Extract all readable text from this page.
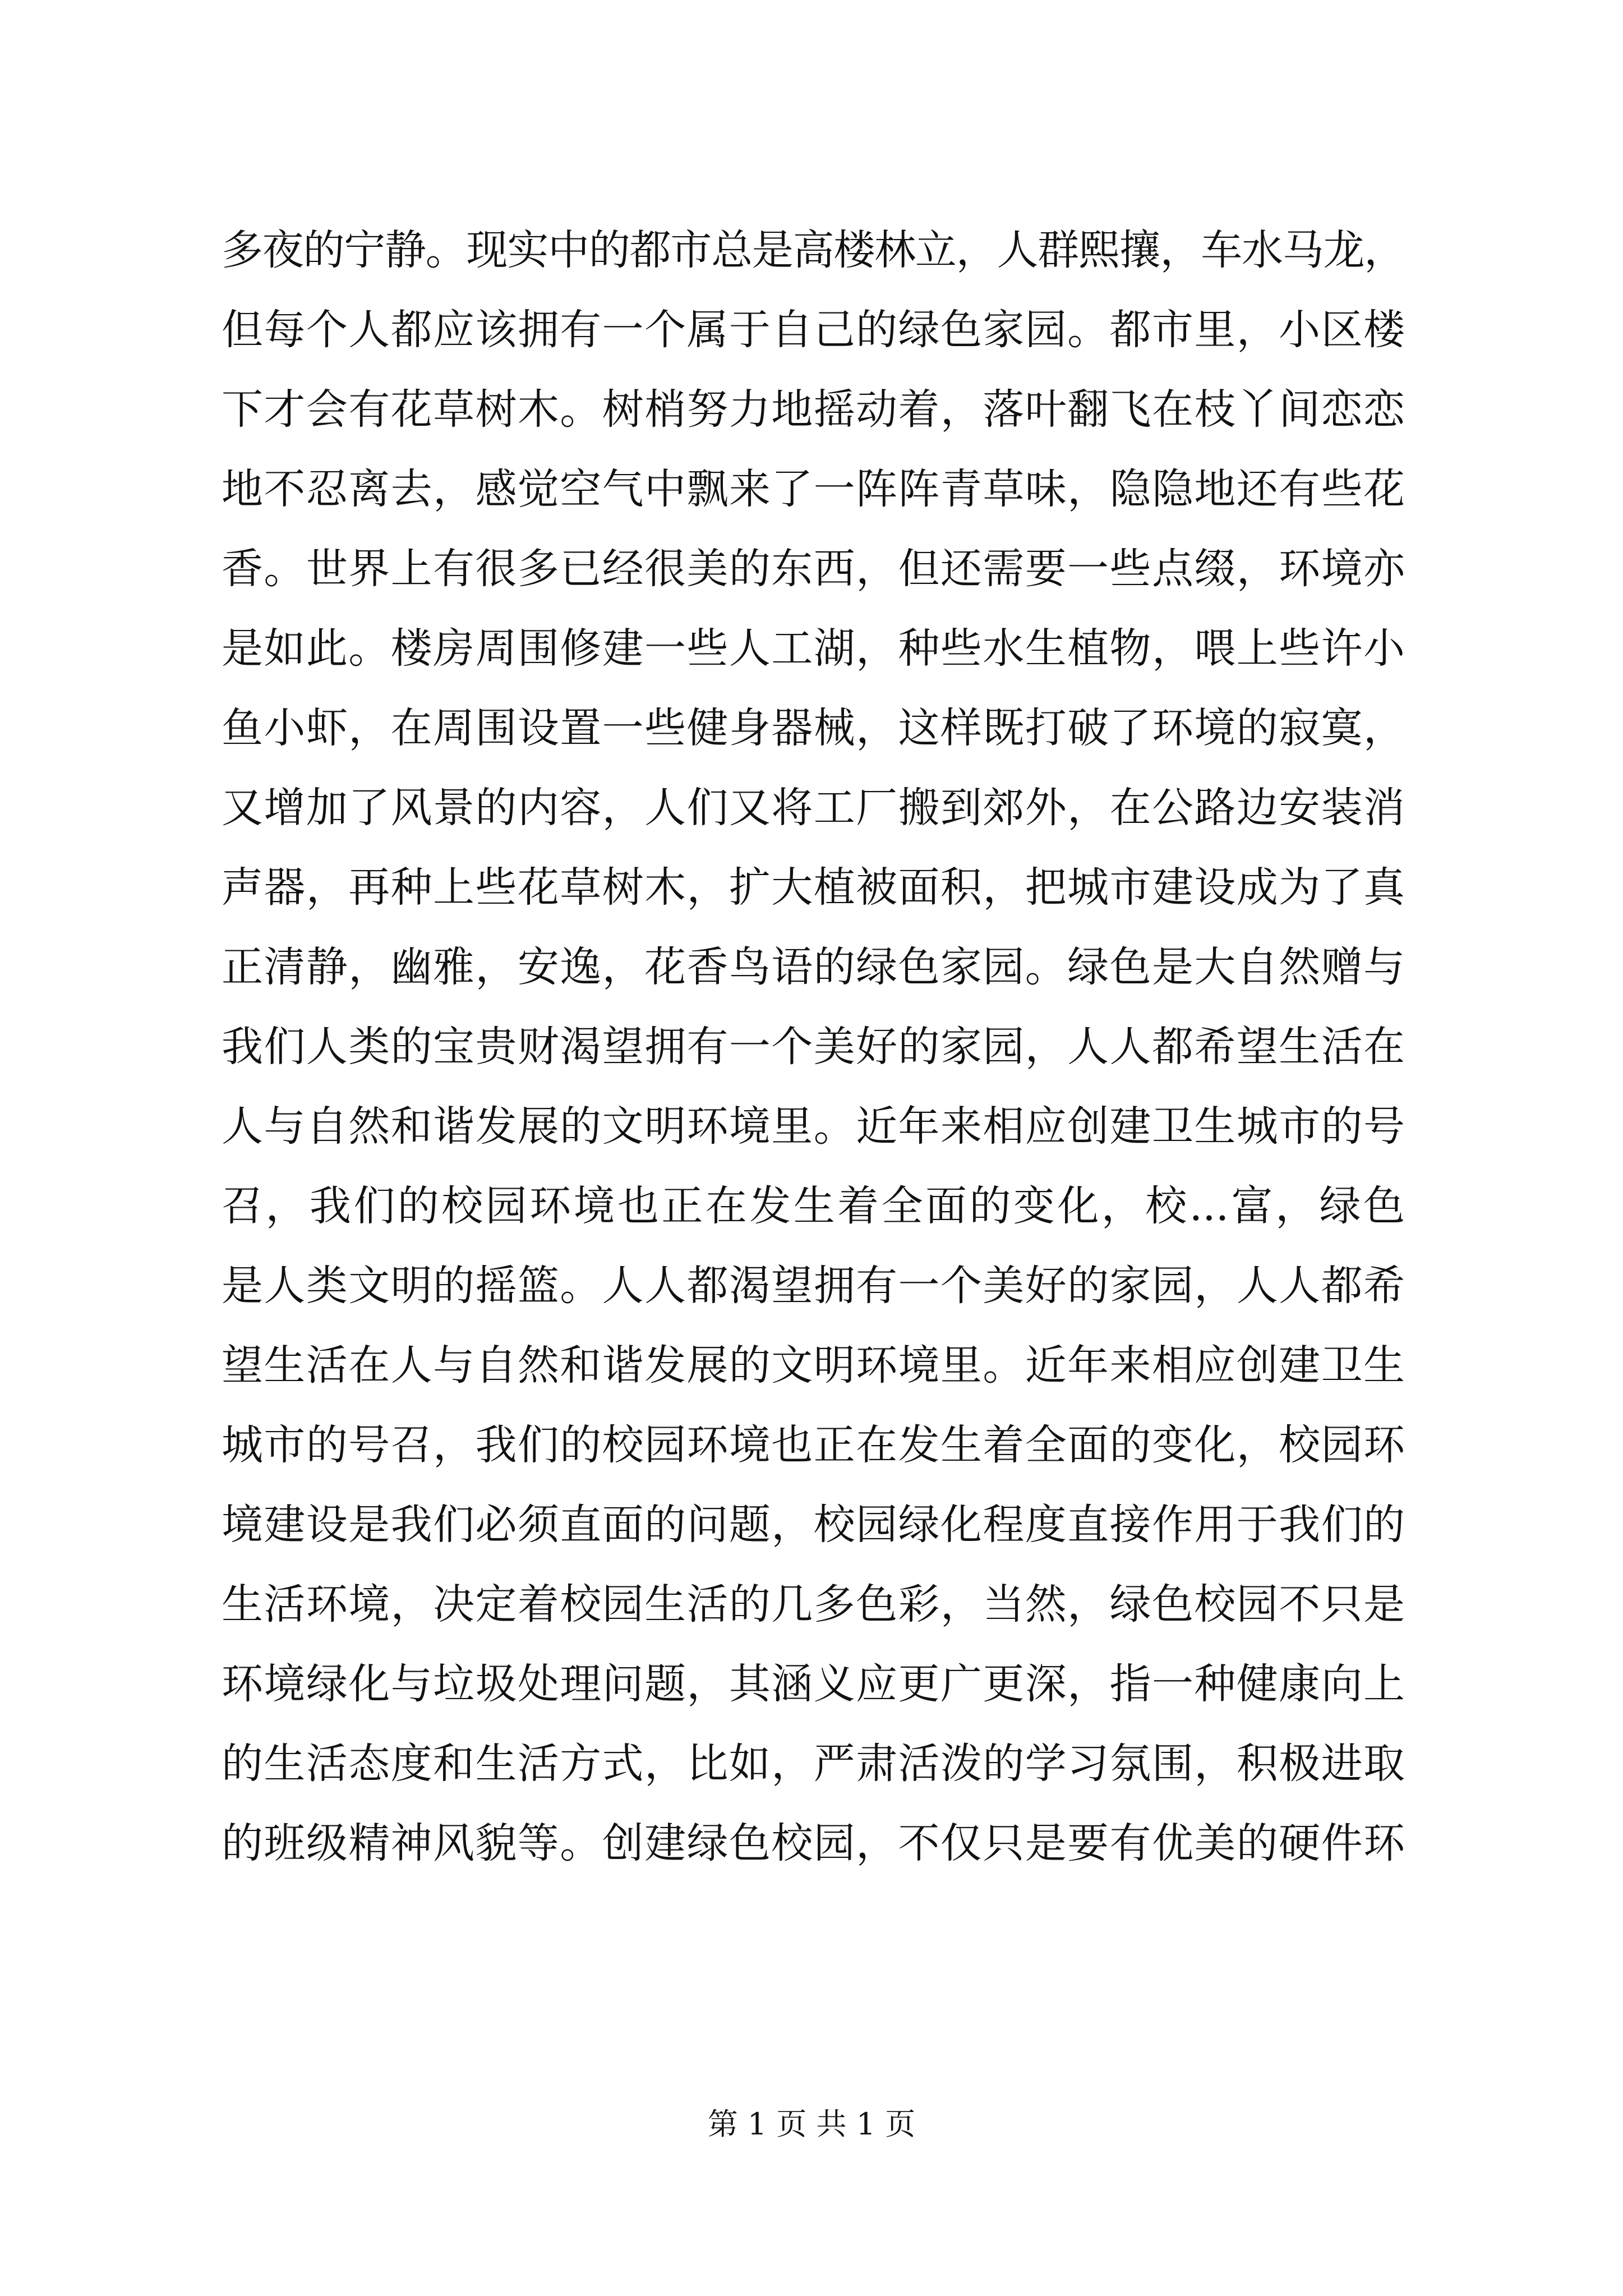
多夜的宁静。现实中的都市总是高楼林立，人群熙攘，车水马龙，
但每个人都应该拥有一个属于自己的绿色家园。都市里，小区楼
下才会有花草树木。树梢努力地摇动着，落叶翻飞在枝丫间恋恋
地不忍离去，感觉空气中飘来了一阵阵青草味，隐隐地还有些花
香。世界上有很多已经很美的东西，但还需要一些点缀，环境亦
是如此。楼房周围修建一些人工湖，种些水生植物，喂上些许小
鱼小虾，在周围设置一些健身器械，这样既打破了环境的寂寞，
又增加了风景的内容，人们又将工厂搬到郊外，在公路边安装消
声器，再种上些花草树木，扩大植被面积，把城市建设成为了真
正清静，幽雅，安逸，花香鸟语的绿色家园。绿色是大自然赠与
我们人类的宝贵财渴望拥有一个美好的家园，人人都希望生活在
人与自然和谐发展的文明环境里。近年来相应创建卫生城市的号
召，我们的校园环境也正在发生着全面的变化，校...富，绿色
是人类文明的摇篮。人人都渴望拥有一个美好的家园，人人都希
望生活在人与自然和谐发展的文明环境里。近年来相应创建卫生
城市的号召，我们的校园环境也正在发生着全面的变化，校园环
境建设是我们必须直面的问题，校园绿化程度直接作用于我们的
生活环境，决定着校园生活的几多色彩，当然，绿色校园不只是
环境绿化与垃圾处理问题，其涵义应更广更深，指一种健康向上
的生活态度和生活方式，比如，严肃活泼的学习氛围，积极进取
的班级精神风貌等。创建绿色校园，不仅只是要有优美的硬件环
第 1 页 共 1 页
